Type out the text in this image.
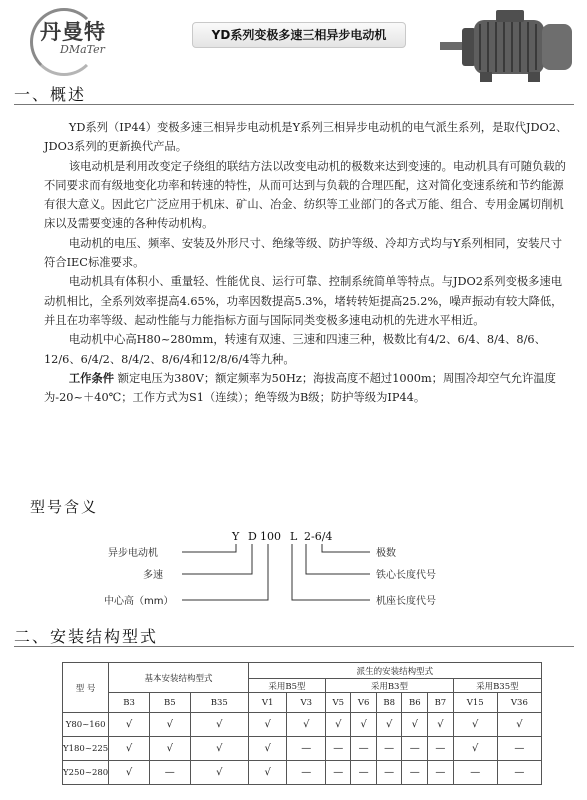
丹曼特
DMaTer
YD系列变极多速三相异步电动机
一、概述

YD系列（IP44）变极多速三相异步电动机是Y系列三相异步电动机的电气派生系列，是取代JDO2、JDO3系列的更新换代产品。

该电动机是利用改变定子绕组的联结方法以改变电动机的极数来达到变速的。电动机具有可随负载的不同要求而有级地变化功率和转速的特性，从而可达到与负载的合理匹配，这对简化变速系统和节约能源有很大意义。因此它广泛应用于机床、矿山、冶金、纺织等工业部门的各式万能、组合、专用金属切削机床以及需要变速的各种传动机构。

电动机的电压、频率、安装及外形尺寸、绝缘等级、防护等级、冷却方式均与Y系列相同，安装尺寸符合IEC标准要求。

电动机具有体积小、重量轻、性能优良、运行可靠、控制系统简单等特点。与JDO2系列变极多速电动机相比，全系列效率提高4.65%，功率因数提高5.3%，堵转转矩提高25.2%，噪声振动有较大降低，并且在功率等级、起动性能与力能指标方面与国际同类变极多速电动机的先进水平相近。

电动机中心高H80~280mm，转速有双速、三速和四速三种，极数比有4/2、6/4、8/4、8/6、12/6、6/4/2、8/4/2、8/6/4和12/8/6/4等九种。

工作条件 额定电压为380V；额定频率为50Hz；海拔高度不超过1000m；周围冷却空气允许温度为-20~＋40℃；工作方式为S1（连续）；绝等级为B级；防护等级为IP44。

型号含义
Y D 100 L 2-6/4
异步电动机
多速
中心高（mm）
极数
铁心长度代号
机座长度代号
二、安装结构型式
型 号	基本安装结构型式			派生的安装结构型式								
				采用B5型		采用B3型					采用B35型	
	B3	B5	B35	V1	V3	V5	V6	B8	B6	B7	V15	V36
Y80~160	√	√	√	√	√	√	√	√	√	√	√	√
Y180~225	√	√	√	√	—	—	—	—	—	—	√	—
Y250~280	√	—	√	√	—	—	—	—	—	—	—	—
